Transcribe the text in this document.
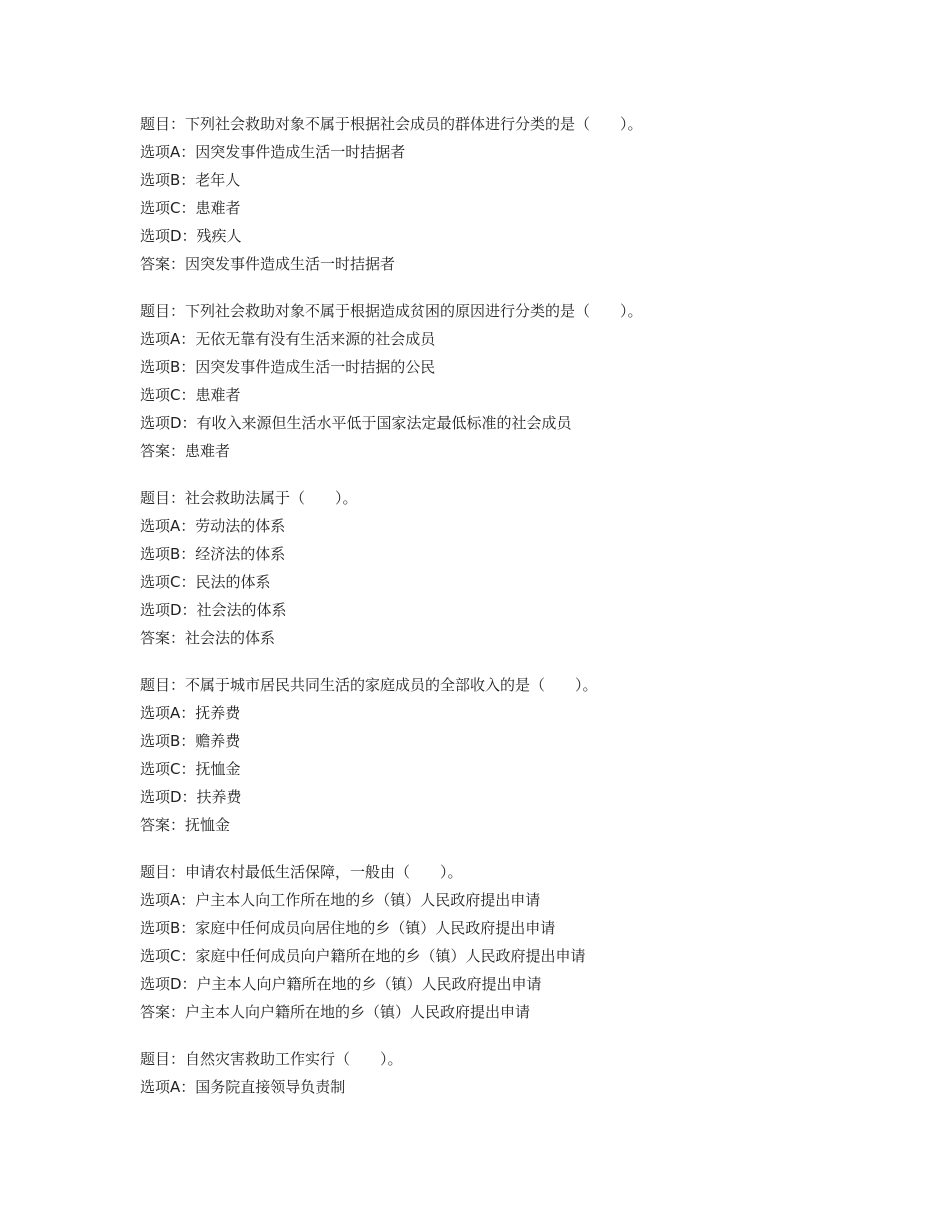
题目：下列社会救助对象不属于根据社会成员的群体进行分类的是（　　）。
选项A：因突发事件造成生活一时拮据者
选项B：老年人
选项C：患难者
选项D：残疾人
答案：因突发事件造成生活一时拮据者
题目：下列社会救助对象不属于根据造成贫困的原因进行分类的是（　　）。
选项A：无依无靠有没有生活来源的社会成员
选项B：因突发事件造成生活一时拮据的公民
选项C：患难者
选项D：有收入来源但生活水平低于国家法定最低标准的社会成员
答案：患难者
题目：社会救助法属于（　　）。
选项A：劳动法的体系
选项B：经济法的体系
选项C：民法的体系
选项D：社会法的体系
答案：社会法的体系
题目：不属于城市居民共同生活的家庭成员的全部收入的是（　　）。
选项A：抚养费
选项B：赡养费
选项C：抚恤金
选项D：扶养费
答案：抚恤金
题目：申请农村最低生活保障，一般由（　　）。
选项A：户主本人向工作所在地的乡（镇）人民政府提出申请
选项B：家庭中任何成员向居住地的乡（镇）人民政府提出申请
选项C：家庭中任何成员向户籍所在地的乡（镇）人民政府提出申请
选项D：户主本人向户籍所在地的乡（镇）人民政府提出申请
答案：户主本人向户籍所在地的乡（镇）人民政府提出申请
题目：自然灾害救助工作实行（　　）。
选项A：国务院直接领导负责制
